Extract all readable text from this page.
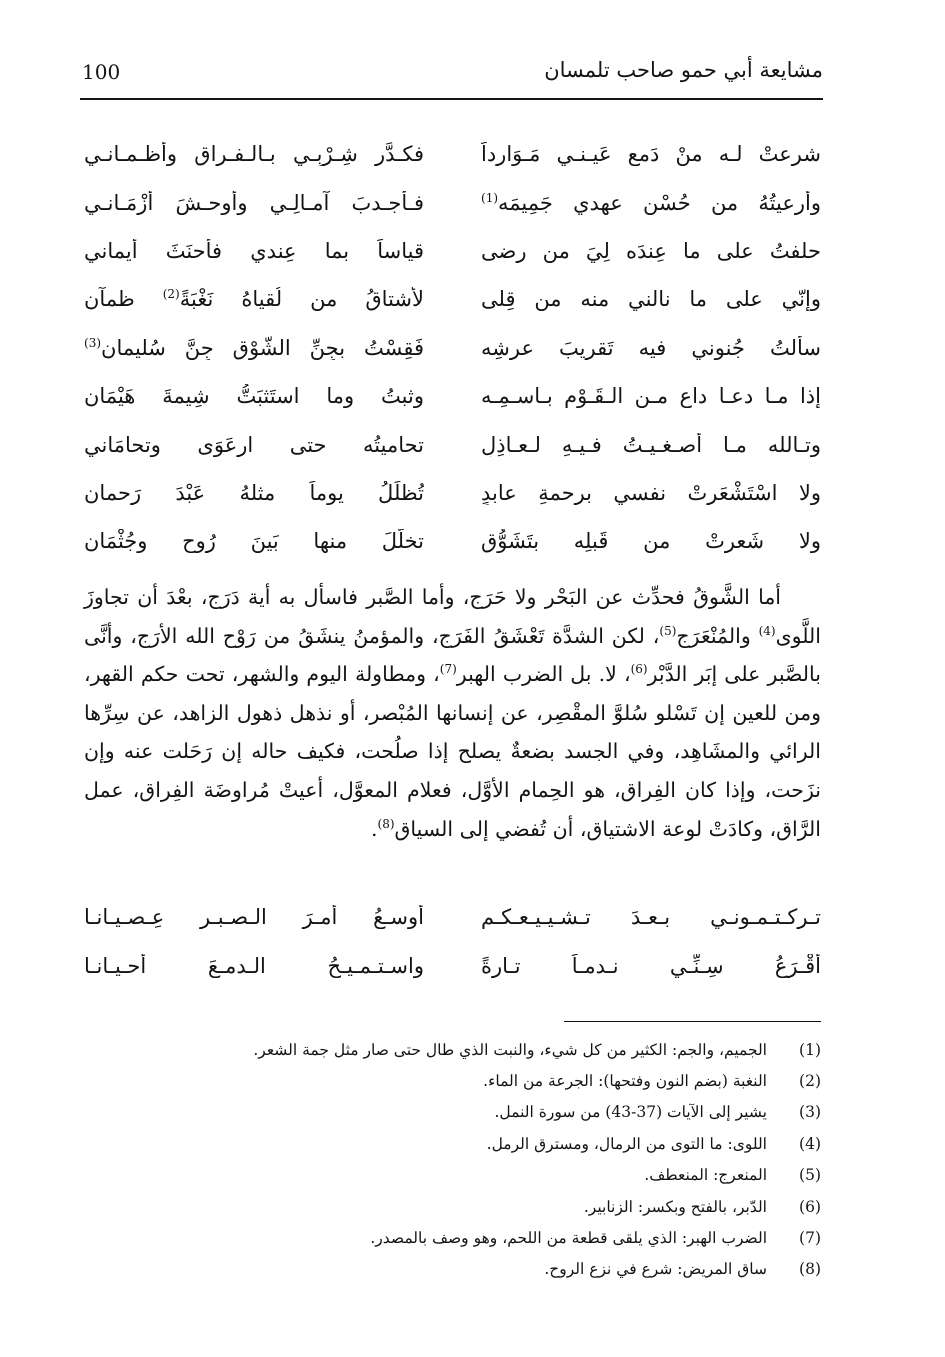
100	مشايعة أبي حمو صاحب تلمسان
شرعتْ لـه منْ دَمعِ عَيـنـي مَـوَارداً
فكـدَّر شِـرْبِـي بـالـفـراق وأظـمـانـي
وأرعيتُهُ من حُسْنِ عهدي جَمِيمَه$^{(1)}$
فـأجـدبَ آمـالِـي وأوحـشَ أزْمَـانـي
حلفتُ على ما عِندَه لِيَ من رِضى
قياساً بما عِندي فأحنَثَ أيماني
وإنّي على ما نالني منه من قِلى
لأشتاقُ من لُقياهُ نَغْبَةً$^{(2)}$ ظمآن
سألتُ جُنوني فيه تَقريبَ عرشِه
فَقِسْتُ بجِنِّ الشَّوْق جِنَّ سُليمانِ$^{(3)}$
إذا مـا دعـا داعٍ مـن الـقَـوْمِ بـاسـمِـه
وثبتُ وما استَثبَتُّ شِيمةَ هَيْمَانِ
وتـالله مـا أصـغـيـتُ فـيـهِ لـعـاذِلٍ
تحاميتُه حتى ارعَوَى وتحامَاني
ولا اسْتَشْعَرتْ نفسي برحمةِ عابدٍ
تُظلِّلُ يوماً مثلهُ عَبْدَ رَحمانِ
ولا شَعرتْ من قَبلِه بتَشَوُّق
تخلَّلَ منها بَينَ رُوحٍ وجُثْمَانِ

أما الشَّوقُ فحدِّث عن البَحْر ولا حَرَج، وأما الصَّبر فاسأل به أية دَرَج، بعْدَ أن تجاوزَ اللَّوى$^{(4)}$ والمُنْعَرَج$^{(5)}$، لكن الشدَّة تَعْشَقُ الفَرَج، والمؤمنُ ينشَقُ من رَوْح الله الأرَج، وأنَّى بالصَّبر على إبَر الدَّبْر$^{(6)}$، لا. بل الضرب الهبر$^{(7)}$، ومطاولة اليوم والشهر، تحت حكم القهر، ومن للعين إن تَسْلو سُلوَّ المقْصِر، عن إنسانها المُبْصر، أو نذهل ذهول الزاهد، عن سِرِّها الرائي والمشَاهِد، وفي الجسد بضعةٌ يصلح إذا صلُحت، فكيف حاله إن رَحَلت عنه وإن نزَحت، وإذا كان الفِراق، هو الحِمام الأوَّل، فعلام المعوَّل، أعيتْ مُراوضَة الفِراق، عمل الرَّاق، وكادَتْ لوعة الاشتياق، أن تُفضي إلى السياق$^{(8)}$.

تـركـتـمـونـي بـعـدَ تـشـيـيـعـكـم
أُوسـعُ أمـرَ الـصـبـرِ عِـصـيـانـا
أقْـرَعُ سِـنِّـي نـدمـاً تـارةً
واسـتـمـيـحُ الـدمـعَ أحـيـانـا
(1)
الجميم، والجم: الكثير من كل شيء، والنبت الذي طال حتى صار مثل جمة الشعر.
(2)
النغبة (بضم النون وفتحها): الجرعة من الماء.
(3)
يشير إلى الآيات (37-43) من سورة النمل.
(4)
اللوى: ما التوى من الرمال، ومسترق الرمل.
(5)
المنعرج: المنعطف.
(6)
الدّبر، بالفتح وبكسر: الزنابير.
(7)
الضرب الهبر: الذي يلقى قطعة من اللحم، وهو وصف بالمصدر.
(8)
ساق المريض: شرع في نزع الروح.
